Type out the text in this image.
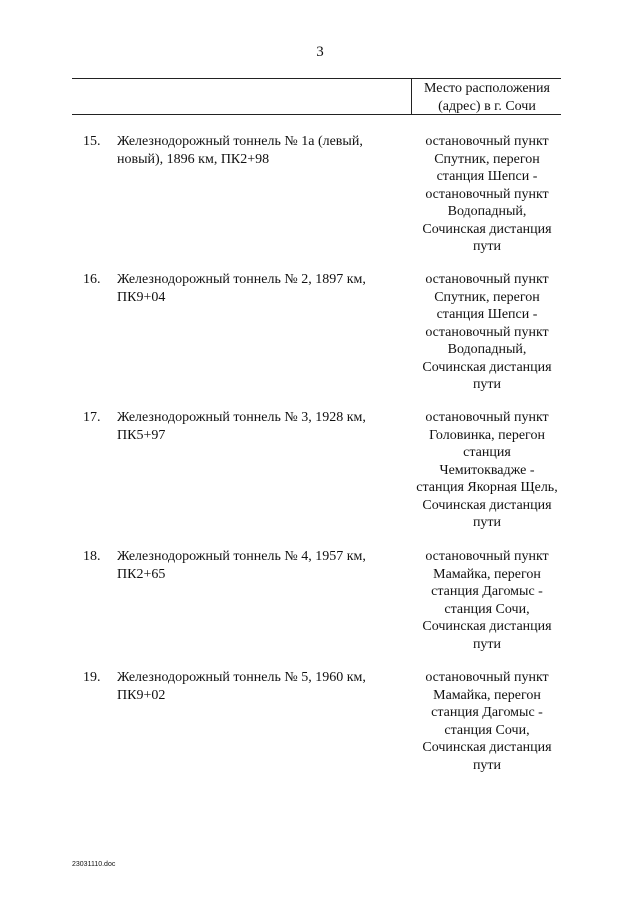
3
Место расположения
(адрес) в г. Сочи
15. Железнодорожный тоннель № 1а (левый,
новый), 1896 км, ПК2+98
остановочный пункт
Спутник, перегон
станция Шепси -
остановочный пункт
Водопадный,
Сочинская дистанция
пути
16. Железнодорожный тоннель № 2, 1897 км,
ПК9+04
остановочный пункт
Спутник, перегон
станция Шепси -
остановочный пункт
Водопадный,
Сочинская дистанция
пути
17. Железнодорожный тоннель № 3, 1928 км,
ПК5+97
остановочный пункт
Головинка, перегон
станция
Чемитоквадже -
станция Якорная Щель,
Сочинская дистанция
пути
18. Железнодорожный тоннель № 4, 1957 км,
ПК2+65
остановочный пункт
Мамайка, перегон
станция Дагомыс -
станция Сочи,
Сочинская дистанция
пути
19. Железнодорожный тоннель № 5, 1960 км,
ПК9+02
остановочный пункт
Мамайка, перегон
станция Дагомыс -
станция Сочи,
Сочинская дистанция
пути
23031110.doc
